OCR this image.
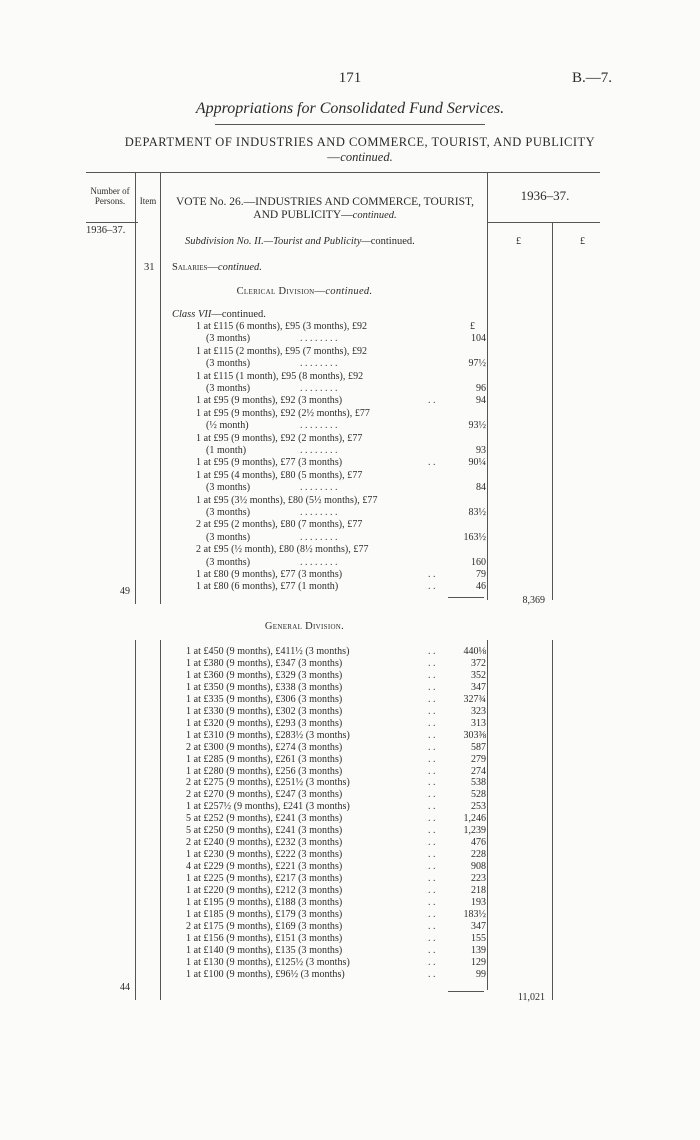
171	B.—7.
Appropriations for Consolidated Fund Services.
DEPARTMENT OF INDUSTRIES AND COMMERCE, TOURIST, AND PUBLICITY—continued.
Number of Persons.	Item	VOTE No. 26.—INDUSTRIES AND COMMERCE, TOURIST, AND PUBLICITY—continued.
1936–37.
1936–37.
Subdivision No. II.—Tourist and Publicity—continued.	£	£
31 Salaries—continued.
Clerical Division—continued.
Class VII—continued.
£
1 at £115 (6 months), £95 (3 months), £92
(3 months)	. . . . . . . .	104
1 at £115 (2 months), £95 (7 months), £92
(3 months)	. . . . . . . .	97½
1 at £115 (1 month), £95 (8 months), £92
(3 months)	. . . . . . . .	96
1 at £95 (9 months), £92 (3 months)	. .	94
1 at £95 (9 months), £92 (2½ months), £77
(½ month)	. . . . . . . .	93½
1 at £95 (9 months), £92 (2 months), £77
(1 month)	. . . . . . . .	93
1 at £95 (9 months), £77 (3 months)	. .	90¼
1 at £95 (4 months), £80 (5 months), £77
(3 months)	. . . . . . . .	84
1 at £95 (3½ months), £80 (5½ months), £77
(3 months)	. . . . . . . .	83½
2 at £95 (2 months), £80 (7 months), £77
(3 months)	. . . . . . . .	163½
2 at £95 (½ month), £80 (8½ months), £77
(3 months)	. . . . . . . .	160
1 at £80 (9 months), £77 (3 months)	. .	79
1 at £80 (6 months), £77 (1 month)	. .	46
49
8,369
General Division.
1 at £450 (9 months), £411½ (3 months)	. .	440⅛
1 at £380 (9 months), £347 (3 months)	. .	372
1 at £360 (9 months), £329 (3 months)	. .	352
1 at £350 (9 months), £338 (3 months)	. .	347
1 at £335 (9 months), £306 (3 months)	. .	327¾
1 at £330 (9 months), £302 (3 months)	. .	323
1 at £320 (9 months), £293 (3 months)	. .	313
1 at £310 (9 months), £283½ (3 months)	. .	303⅜
2 at £300 (9 months), £274 (3 months)	. .	587
1 at £285 (9 months), £261 (3 months)	. .	279
1 at £280 (9 months), £256 (3 months)	. .	274
2 at £275 (9 months), £251½ (3 months)	. .	538
2 at £270 (9 months), £247 (3 months)	. .	528
1 at £257½ (9 months), £241 (3 months)	. .	253
5 at £252 (9 months), £241 (3 months)	. .	1,246
5 at £250 (9 months), £241 (3 months)	. .	1,239
2 at £240 (9 months), £232 (3 months)	. .	476
1 at £230 (9 months), £222 (3 months)	. .	228
4 at £229 (9 months), £221 (3 months)	. .	908
1 at £225 (9 months), £217 (3 months)	. .	223
1 at £220 (9 months), £212 (3 months)	. .	218
1 at £195 (9 months), £188 (3 months)	. .	193
1 at £185 (9 months), £179 (3 months)	. .	183½
2 at £175 (9 months), £169 (3 months)	. .	347
1 at £156 (9 months), £151 (3 months)	. .	155
1 at £140 (9 months), £135 (3 months)	. .	139
1 at £130 (9 months), £125½ (3 months)	. .	129
1 at £100 (9 months), £96½ (3 months)	. .	99
44
11,021
